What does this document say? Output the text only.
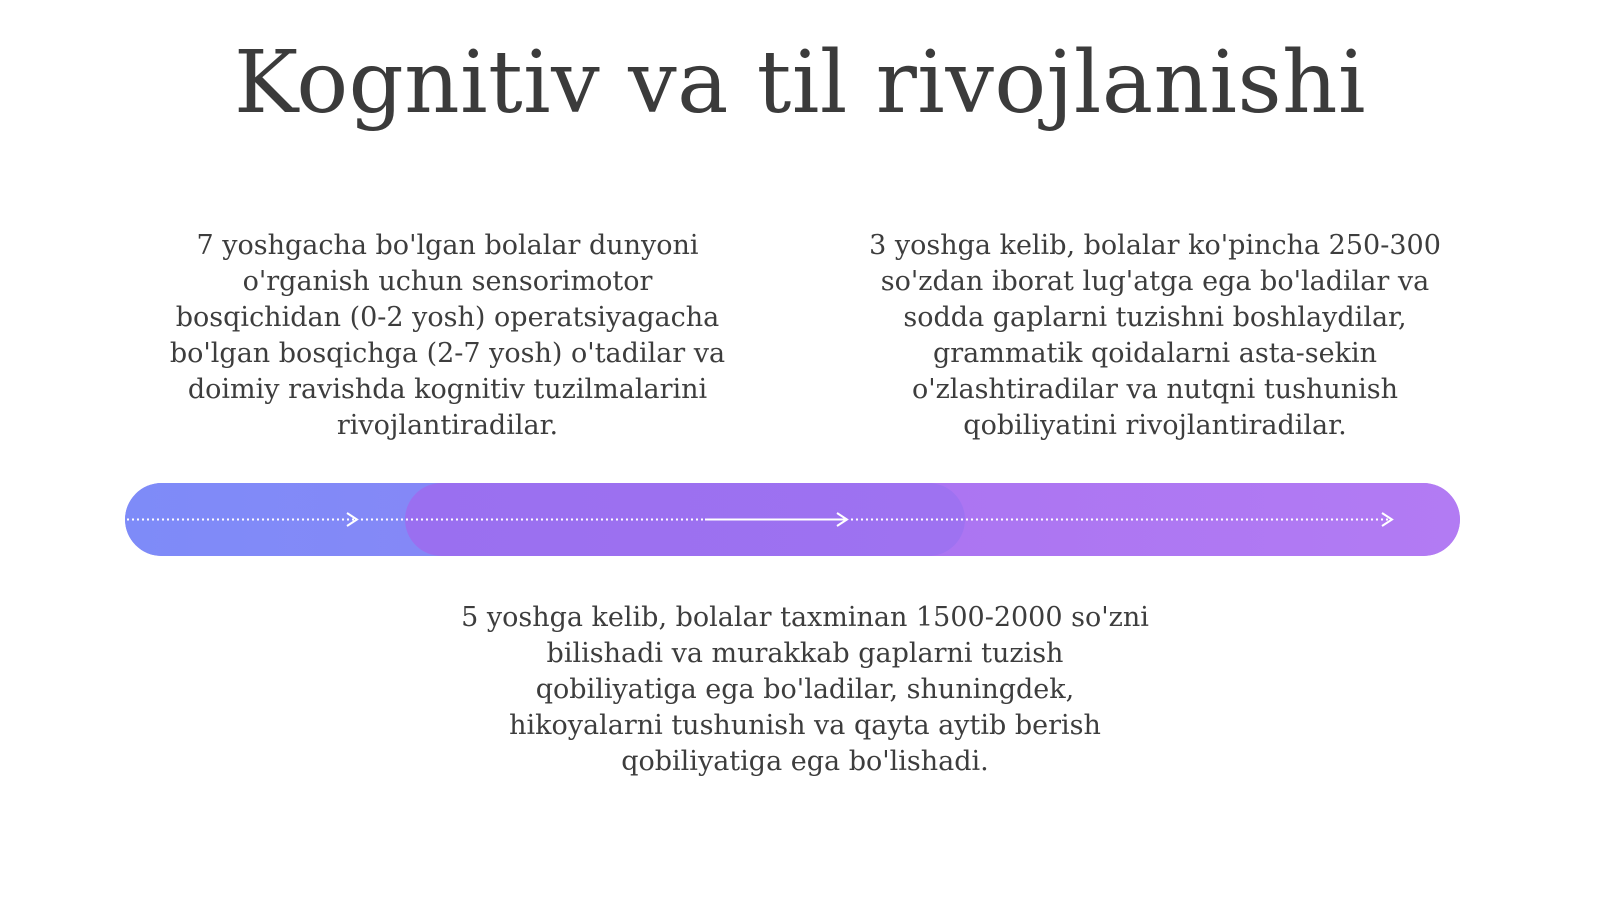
Kognitiv va til rivojlanishi
7 yoshgacha bo'lgan bolalar dunyoni
o'rganish uchun sensorimotor
bosqichidan (0-2 yosh) operatsiyagacha
bo'lgan bosqichga (2-7 yosh) o'tadilar va
doimiy ravishda kognitiv tuzilmalarini
rivojlantiradilar.
3 yoshga kelib, bolalar ko'pincha 250-300
so'zdan iborat lug'atga ega bo'ladilar va
sodda gaplarni tuzishni boshlaydilar,
grammatik qoidalarni asta-sekin
o'zlashtiradilar va nutqni tushunish
qobiliyatini rivojlantiradilar.
5 yoshga kelib, bolalar taxminan 1500-2000 so'zni
bilishadi va murakkab gaplarni tuzish
qobiliyatiga ega bo'ladilar, shuningdek,
hikoyalarni tushunish va qayta aytib berish
qobiliyatiga ega bo'lishadi.
